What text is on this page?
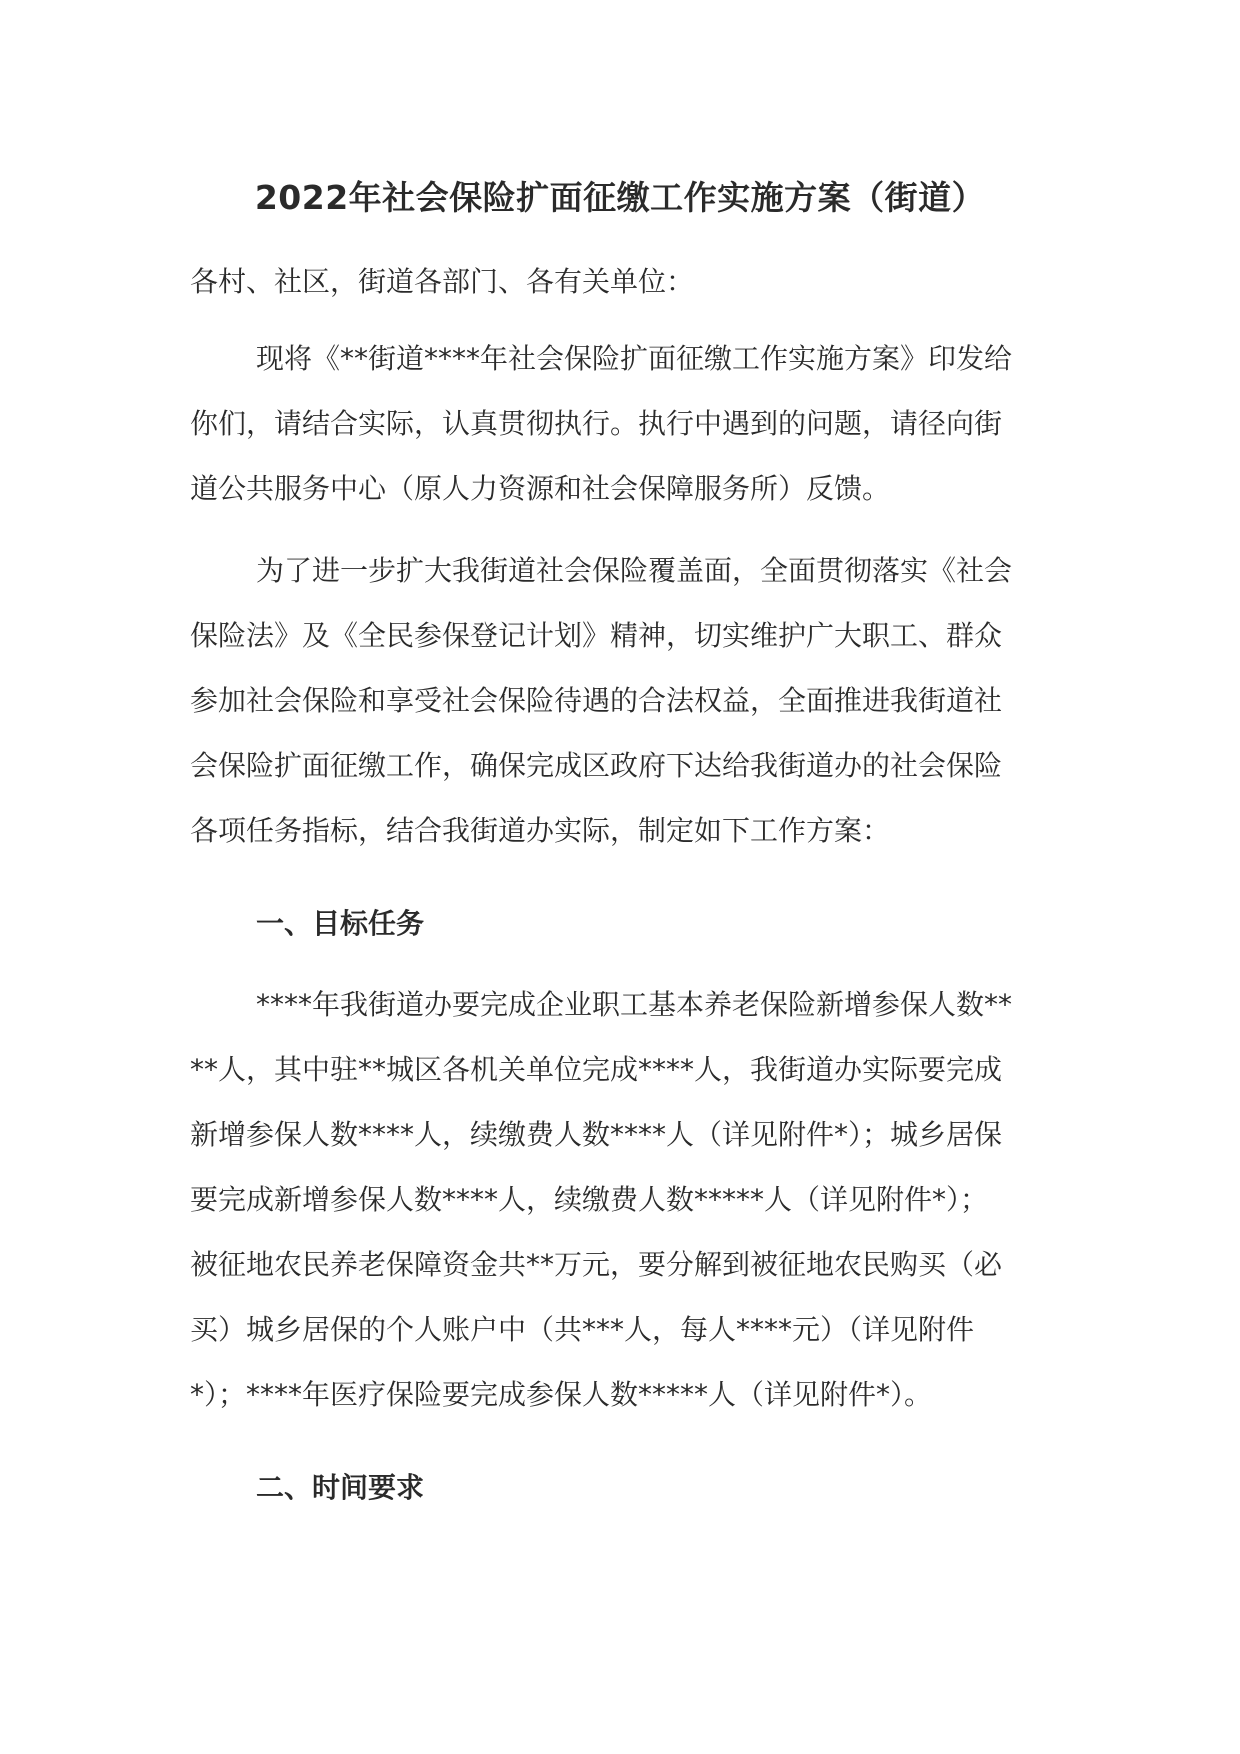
2022年社会保险扩面征缴工作实施方案（街道）
各村、社区，街道各部门、各有关单位：
现将《**街道****年社会保险扩面征缴工作实施方案》印发给
你们，请结合实际，认真贯彻执行。执行中遇到的问题，请径向街
道公共服务中心（原人力资源和社会保障服务所）反馈。
为了进一步扩大我街道社会保险覆盖面，全面贯彻落实《社会
保险法》及《全民参保登记计划》精神，切实维护广大职工、群众
参加社会保险和享受社会保险待遇的合法权益，全面推进我街道社
会保险扩面征缴工作，确保完成区政府下达给我街道办的社会保险
各项任务指标，结合我街道办实际，制定如下工作方案：
一、目标任务
****年我街道办要完成企业职工基本养老保险新增参保人数**
**人，其中驻**城区各机关单位完成****人，我街道办实际要完成
新增参保人数****人，续缴费人数****人（详见附件*）；城乡居保
要完成新增参保人数****人，续缴费人数*****人（详见附件*）；
被征地农民养老保障资金共**万元，要分解到被征地农民购买（必
买）城乡居保的个人账户中（共***人，每人****元）（详见附件
*）；****年医疗保险要完成参保人数*****人（详见附件*）。
二、时间要求
